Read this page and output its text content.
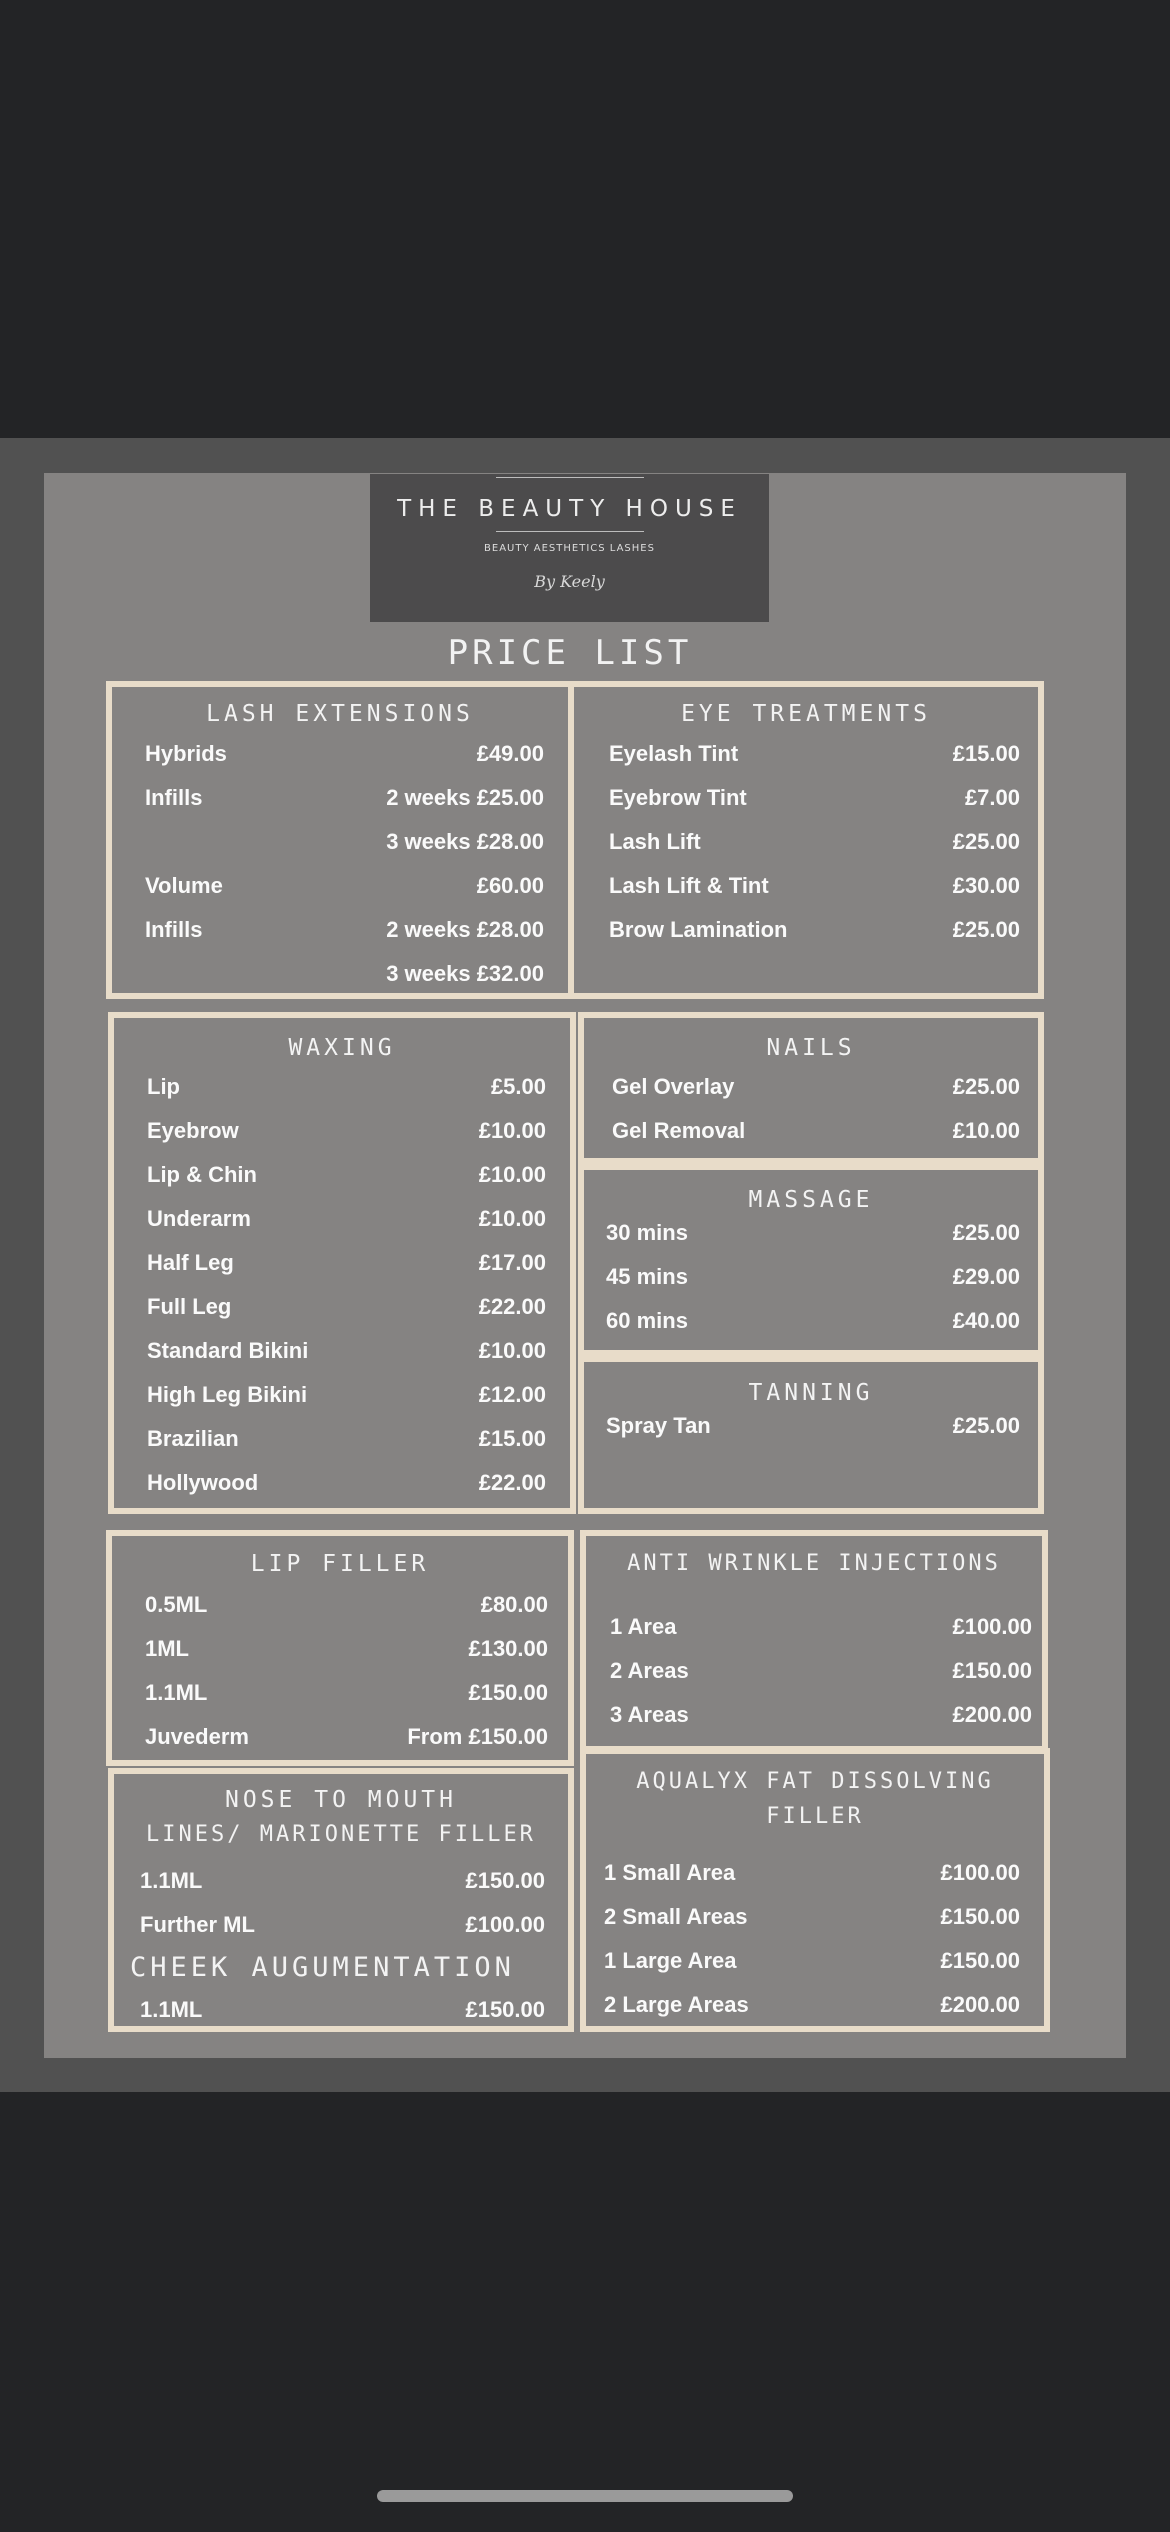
THE BEAUTY HOUSE
BEAUTY AESTHETICS LASHES
By Keely
PRICE LIST
LASH EXTENSIONS	EYE TREATMENTS
WAXING	NAILS
MASSAGE
TANNING
LIP FILLER	ANTI WRINKLE INJECTIONS
NOSE TO MOUTH
LINES/ MARIONETTE FILLER
AQUALYX FAT DISSOLVING
FILLER
CHEEK AUGUMENTATION
Hybrids	£49.00
Infills	2 weeks £25.00
3 weeks £28.00
Volume	£60.00
Infills	2 weeks £28.00
3 weeks £32.00
Eyelash Tint	£15.00
Eyebrow Tint	£7.00
Lash Lift	£25.00
Lash Lift & Tint	£30.00
Brow Lamination	£25.00
Lip	£5.00
Eyebrow	£10.00
Lip & Chin	£10.00
Underarm	£10.00
Half Leg	£17.00
Full Leg	£22.00
Standard Bikini	£10.00
High Leg Bikini	£12.00
Brazilian	£15.00
Hollywood	£22.00
Gel Overlay	£25.00
Gel Removal	£10.00
30 mins	£25.00
45 mins	£29.00
60 mins	£40.00
Spray Tan	£25.00
0.5ML	£80.00
1ML	£130.00
1.1ML	£150.00
Juvederm	From £150.00
1 Area	£100.00
2 Areas	£150.00
3 Areas	£200.00
1.1ML	£150.00
Further ML	£100.00
1.1ML	£150.00
1 Small Area	£100.00
2 Small Areas	£150.00
1 Large Area	£150.00
2 Large Areas	£200.00
